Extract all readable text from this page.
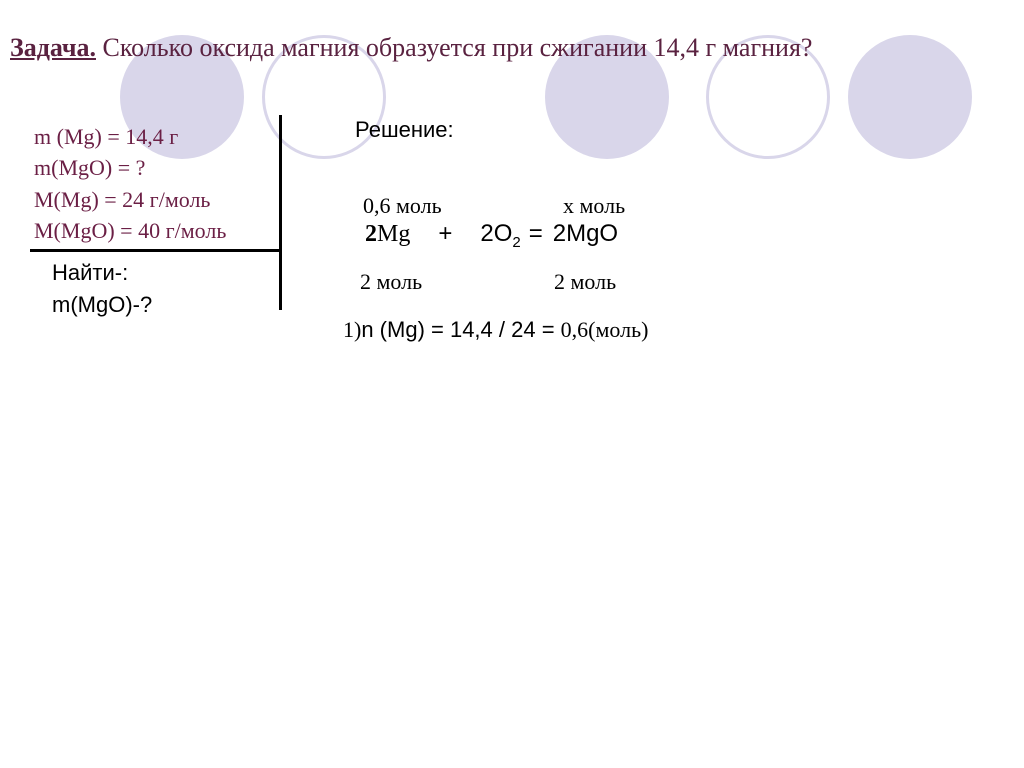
Задача. Сколько оксида магния образуется при сжигании 14,4 г магния?
m (Mg) = 14,4 г
m(MgO) = ?
M(Mg) = 24 г/моль
M(MgO) = 40 г/моль
Найти-:
m(MgO)-?
Решение:
0,6 моль	х моль
$2Mg + 2O_2 = 2MgO$
2 моль	2 моль
1)n (Mg) = 14,4 / 24 = 0,6(моль)
